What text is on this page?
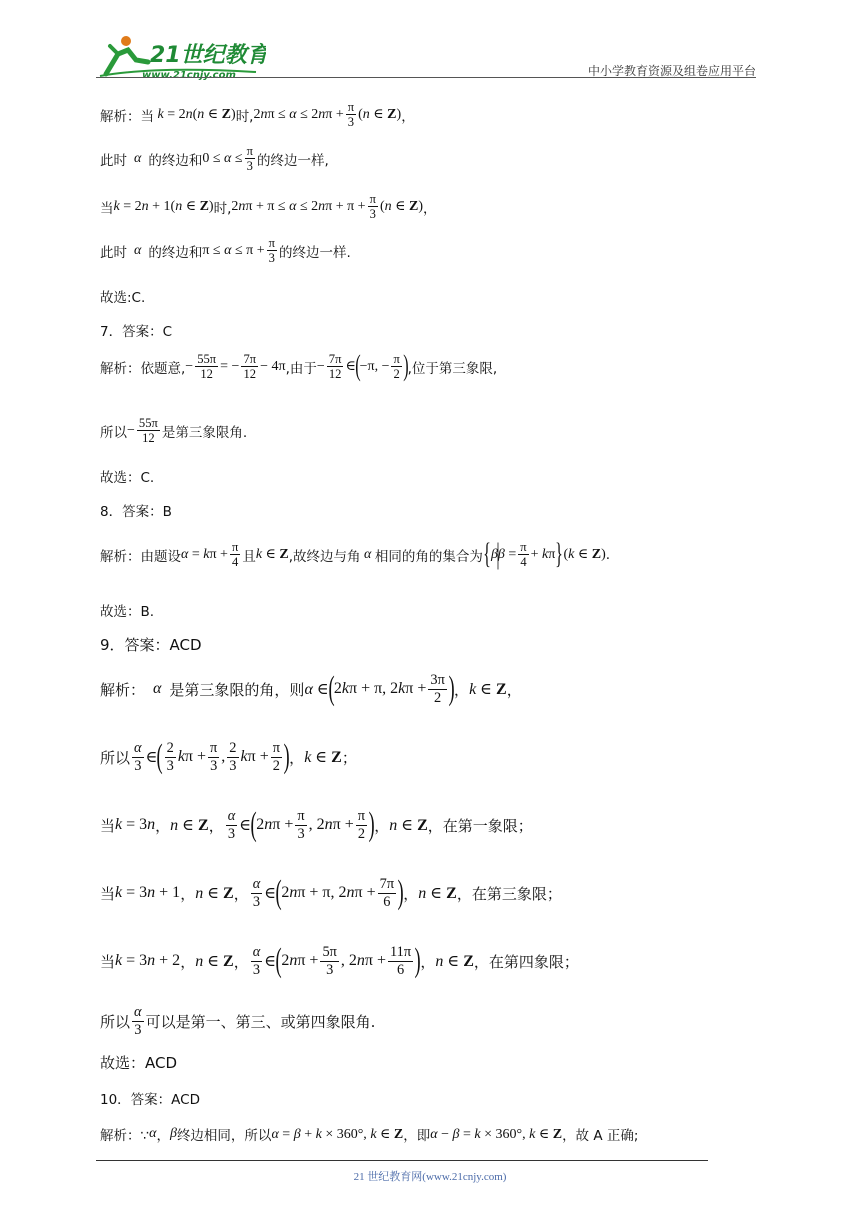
21世纪教育
www.21cnjy.com	中小学教育资源及组卷应用平台
解析：当 k = 2n(n ∈ Z) 时, $2n\pi \le \alpha \le 2n\pi + \frac{\pi}{3} (n$ ∈ Z) ，
此时 α 的终边和 $0 \le \alpha \le \frac{\pi}{3}$ 的终边一样,
当 k = 2n + 1(n ∈ Z) 时, $2n\pi + \pi \le \alpha \le 2n\pi + \pi + \frac{\pi}{3} (n$ ∈ Z) ，
此时 α 的终边和 $\pi \le \alpha \le \pi + \frac{\pi}{3}$ 的终边一样.
故选:C.
7．答案：C
解析：依题意, − $\frac{55\pi}{12}$ = − $\frac{7\pi}{12} - 4\pi$ ,由于 − $\frac{7\pi}{12}$ ∈ ( −π, − $\frac{\pi}{2}$ ) ,位于第三象限,
所以 − $\frac{55\pi}{12}$ 是第三象限角.
故选：C.
8．答案：B
解析：由题设 $\alpha = k\pi + \frac{\pi}{4}$ 且 k ∈ Z ,故终边与角 α 相同的角的集合为 { β
|
$\beta = \frac{\pi}{4} + k\pi$ } (k ∈ Z) .
故选：B.
9．答案：ACD
解析： α 是第三象限的角，则 α ∈ ( 2kπ + π, $2k\pi + \frac{3\pi}{2}$ ) ， k ∈ Z ，
所以 $\frac{\alpha}{3}$ ∈ ( $\frac{2}{3}$ $k\pi + \frac{\pi}{3}$ , $\frac{2}{3}$ $k\pi + \frac{\pi}{2}$ ) ， k ∈ Z ；
当 k = 3n ， n ∈ Z ， $\frac{\alpha}{3}$ ∈ ( $2n\pi + \frac{\pi}{3}$ , $2n\pi + \frac{\pi}{2}$ ) ， n ∈ Z ，在第一象限；
当 k = 3n + 1 ， n ∈ Z ， $\frac{\alpha}{3}$ ∈ ( 2nπ + π, $2n\pi + \frac{7\pi}{6}$ ) ， n ∈ Z ，在第三象限；
当 k = 3n + 2 ， n ∈ Z ， $\frac{\alpha}{3}$ ∈ ( $2n\pi + \frac{5\pi}{3}$ , $2n\pi + \frac{11\pi}{6}$ ) ， n ∈ Z ，在第四象限；
所以 $\frac{\alpha}{3}$ 可以是第一、第三、或第四象限角.
故选：ACD
10．答案：ACD
解析：∵ α ， β 终边相同，所以 α = β + k × 360°, k ∈ Z ，即 α − β = k × 360°, k ∈ Z ，故 A 正确;
21 世纪教育网(www.21cnjy.com)
